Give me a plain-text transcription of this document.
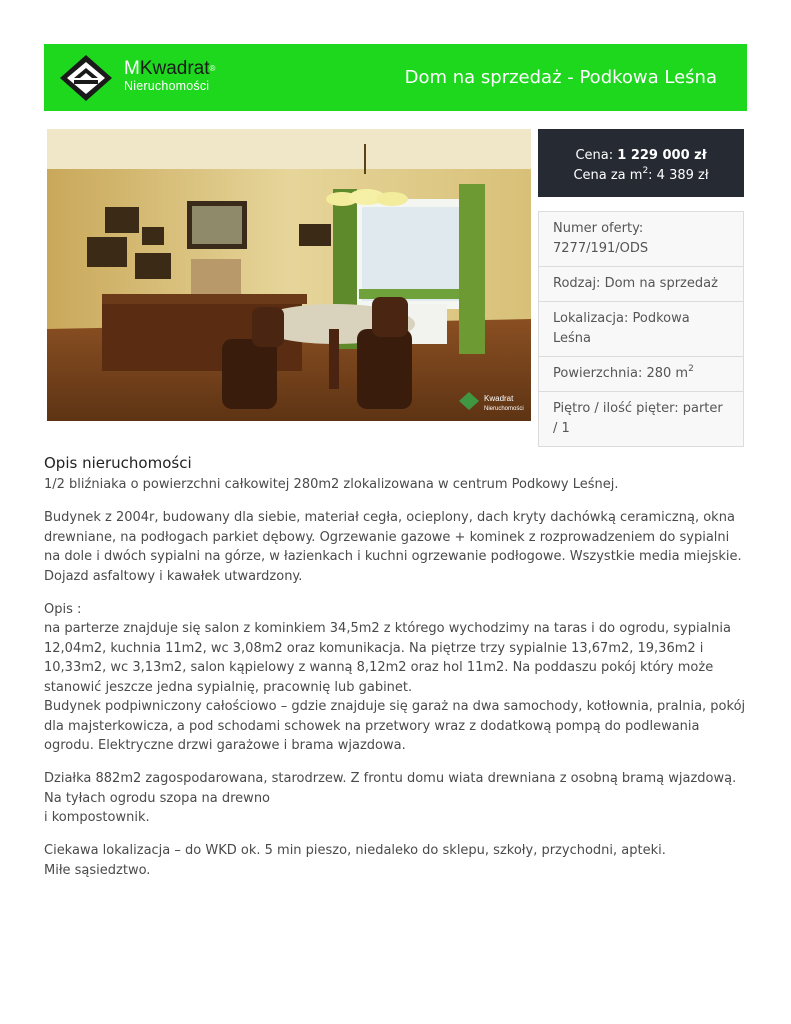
MKwadrat®
Nieruchomości	Dom na sprzedaż - Podkowa Leśna
Kwadrat
Nieruchomości
Cena: 1 229 000 zł
Cena za $m^2$: 4 389 zł
Numer oferty: 7277/191/ODS
Rodzaj: Dom na sprzedaż
Lokalizacja: Podkowa Leśna
Powierzchnia: 280 $m^2$
Piętro / ilość pięter: parter / 1
Opis nieruchomości

1/2 bliźniaka o powierzchni całkowitej 280m2 zlokalizowana w centrum Podkowy Leśnej.

Budynek z 2004r, budowany dla siebie, materiał cegła, ocieplony, dach kryty dachówką ceramiczną, okna drewniane, na podłogach parkiet dębowy. Ogrzewanie gazowe + kominek z rozprowadzeniem do sypialni na dole i dwóch sypialni na górze, w łazienkach i kuchni ogrzewanie podłogowe. Wszystkie media miejskie. Dojazd asfaltowy i kawałek utwardzony.

Opis :
na parterze znajduje się salon z kominkiem 34,5m2 z którego wychodzimy na taras i do ogrodu, sypialnia 12,04m2, kuchnia 11m2, wc 3,08m2 oraz komunikacja. Na piętrze trzy sypialnie 13,67m2, 19,36m2 i 10,33m2, wc 3,13m2, salon kąpielowy z wanną 8,12m2 oraz hol 11m2. Na poddaszu pokój który może stanowić jeszcze jedna sypialnię, pracownię lub gabinet.
Budynek podpiwniczony całościowo – gdzie znajduje się garaż na dwa samochody, kotłownia, pralnia, pokój dla majsterkowicza, a pod schodami schowek na przetwory wraz z dodatkową pompą do podlewania ogrodu. Elektryczne drzwi garażowe i brama wjazdowa.

Działka 882m2 zagospodarowana, starodrzew. Z frontu domu wiata drewniana z osobną bramą wjazdową. Na tyłach ogrodu szopa na drewno
i kompostownik.

Ciekawa lokalizacja – do WKD ok. 5 min pieszo, niedaleko do sklepu, szkoły, przychodni, apteki.
Miłe sąsiedztwo.
